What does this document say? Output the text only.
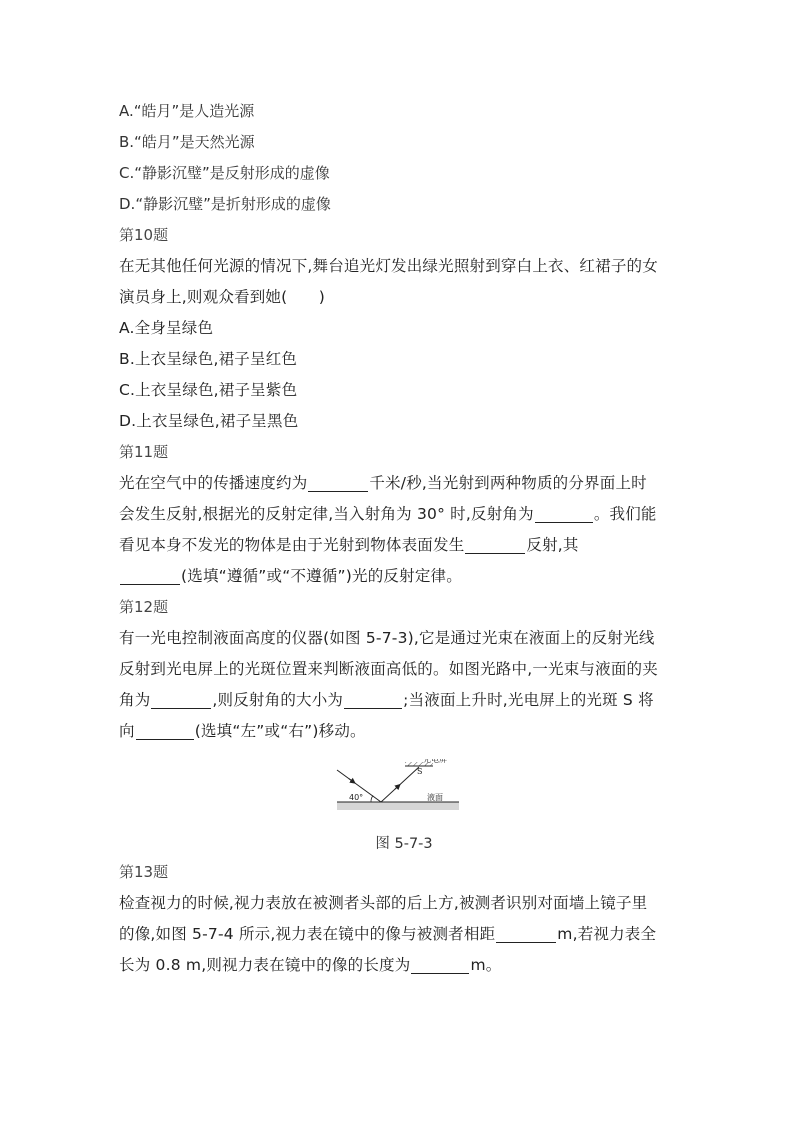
A.“皓月”是人造光源
B.“皓月”是天然光源
C.“静影沉璧”是反射形成的虚像
D.“静影沉璧”是折射形成的虚像
第10题
在无其他任何光源的情况下,舞台追光灯发出绿光照射到穿白上衣、红裙子的女
演员身上,则观众看到她(　　)
A.全身呈绿色
B.上衣呈绿色,裙子呈红色
C.上衣呈绿色,裙子呈紫色
D.上衣呈绿色,裙子呈黑色
第11题
光在空气中的传播速度约为	千米/秒,当光射到两种物质的分界面上时
会发生反射,根据光的反射定律,当入射角为 30° 时,反射角为	。我们能
看见本身不发光的物体是由于光射到物体表面发生	反射,其
(选填“遵循”或“不遵循”)光的反射定律。
第12题
有一光电控制液面高度的仪器(如图 5-7-3),它是通过光束在液面上的反射光线
反射到光电屏上的光斑位置来判断液面高低的。如图光路中,一光束与液面的夹
角为	,则反射角的大小为	;当液面上升时,光电屏上的光斑 S 将
向	(选填“左”或“右”)移动。
光电屏
S
40°	液面
图 5-7-3
第13题
检查视力的时候,视力表放在被测者头部的后上方,被测者识别对面墙上镜子里
的像,如图 5-7-4 所示,视力表在镜中的像与被测者相距	m,若视力表全
长为 0.8 m,则视力表在镜中的像的长度为	m。
